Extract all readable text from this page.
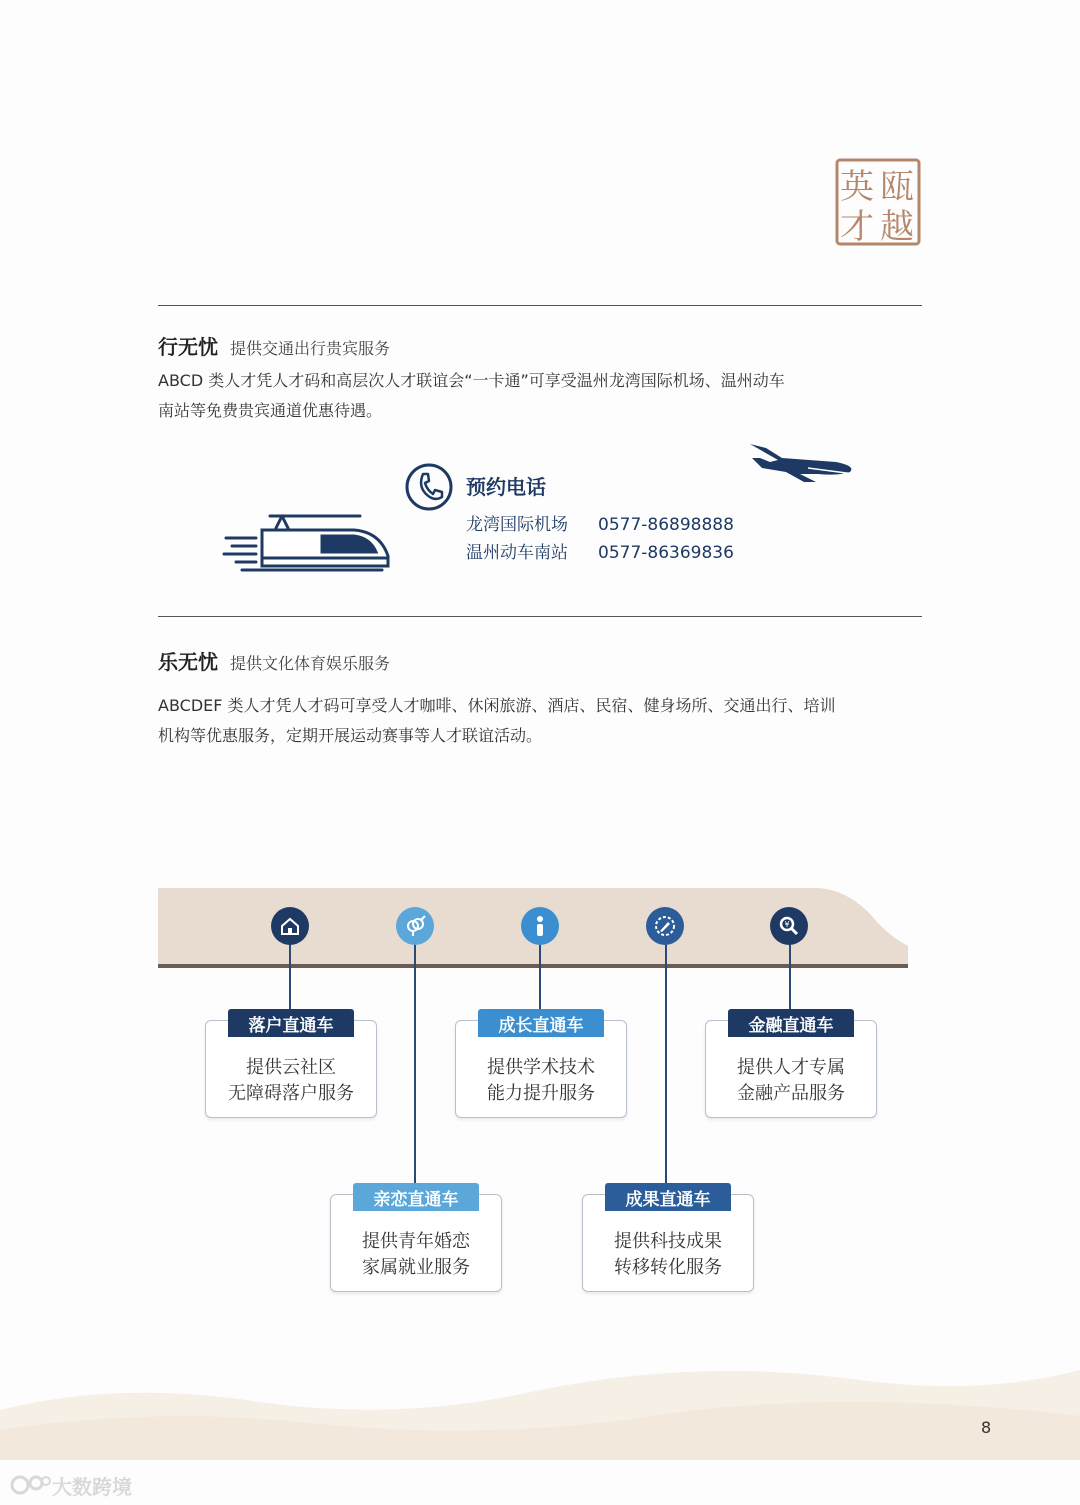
瓯
越
英
才
行无忧 提供交通出行贵宾服务
ABCD 类人才凭人才码和高层次人才联谊会“一卡通”可享受温州龙湾国际机场、温州动车
南站等免费贵宾通道优惠待遇。
预约电话
龙湾国际机场 0577-86898888
温州动车南站 0577-86369836
乐无忧 提供文化体育娱乐服务
ABCDEF 类人才凭人才码可享受人才咖啡、休闲旅游、酒店、民宿、健身场所、交通出行、培训
机构等优惠服务，定期开展运动赛事等人才联谊活动。
¥
落户直通车
提供云社区
无障碍落户服务
成长直通车
提供学术技术
能力提升服务
金融直通车
提供人才专属
金融产品服务
亲恋直通车
提供青年婚恋
家属就业服务
成果直通车
提供科技成果
转移转化服务
8
大数跨境
